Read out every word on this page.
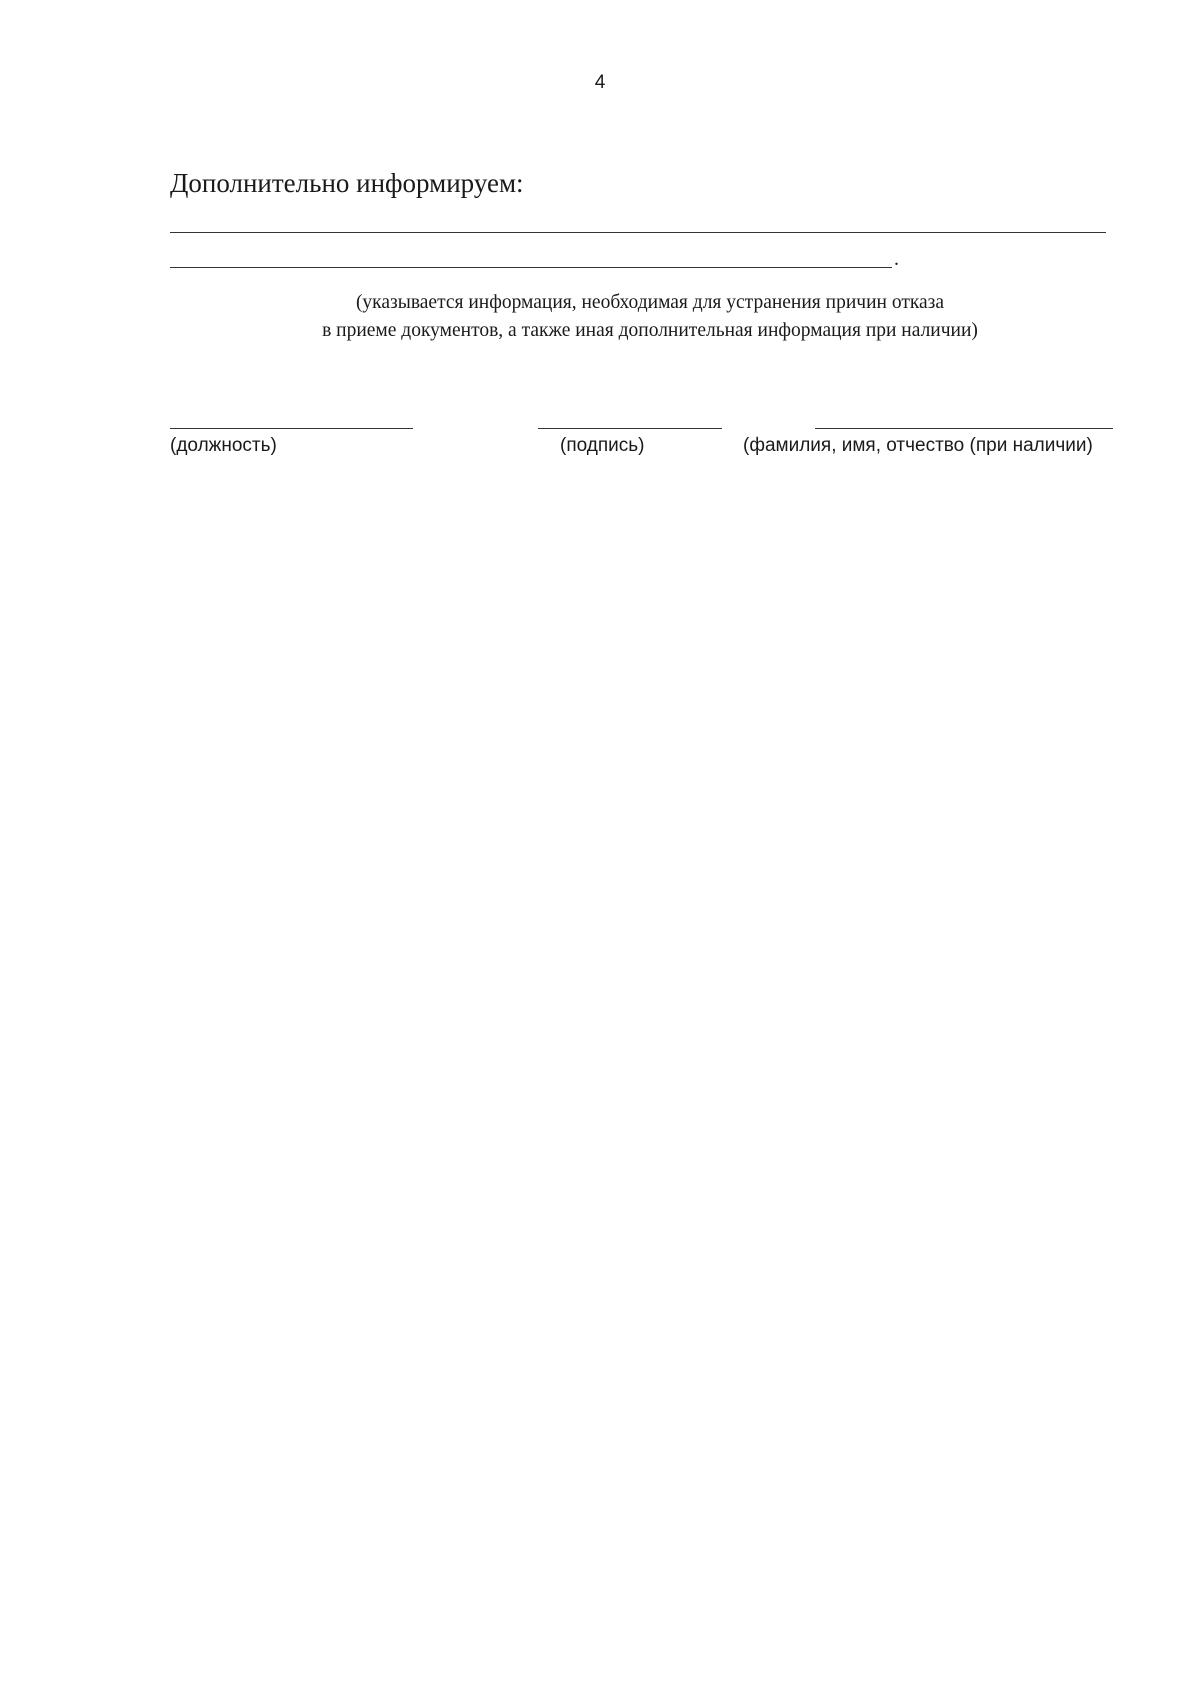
4
Дополнительно информируем:
.
(указывается информация, необходимая для устранения причин отказа
в приеме документов, а также иная дополнительная информация при наличии)
(должность)	(подпись)	(фамилия, имя, отчество (при наличии)
